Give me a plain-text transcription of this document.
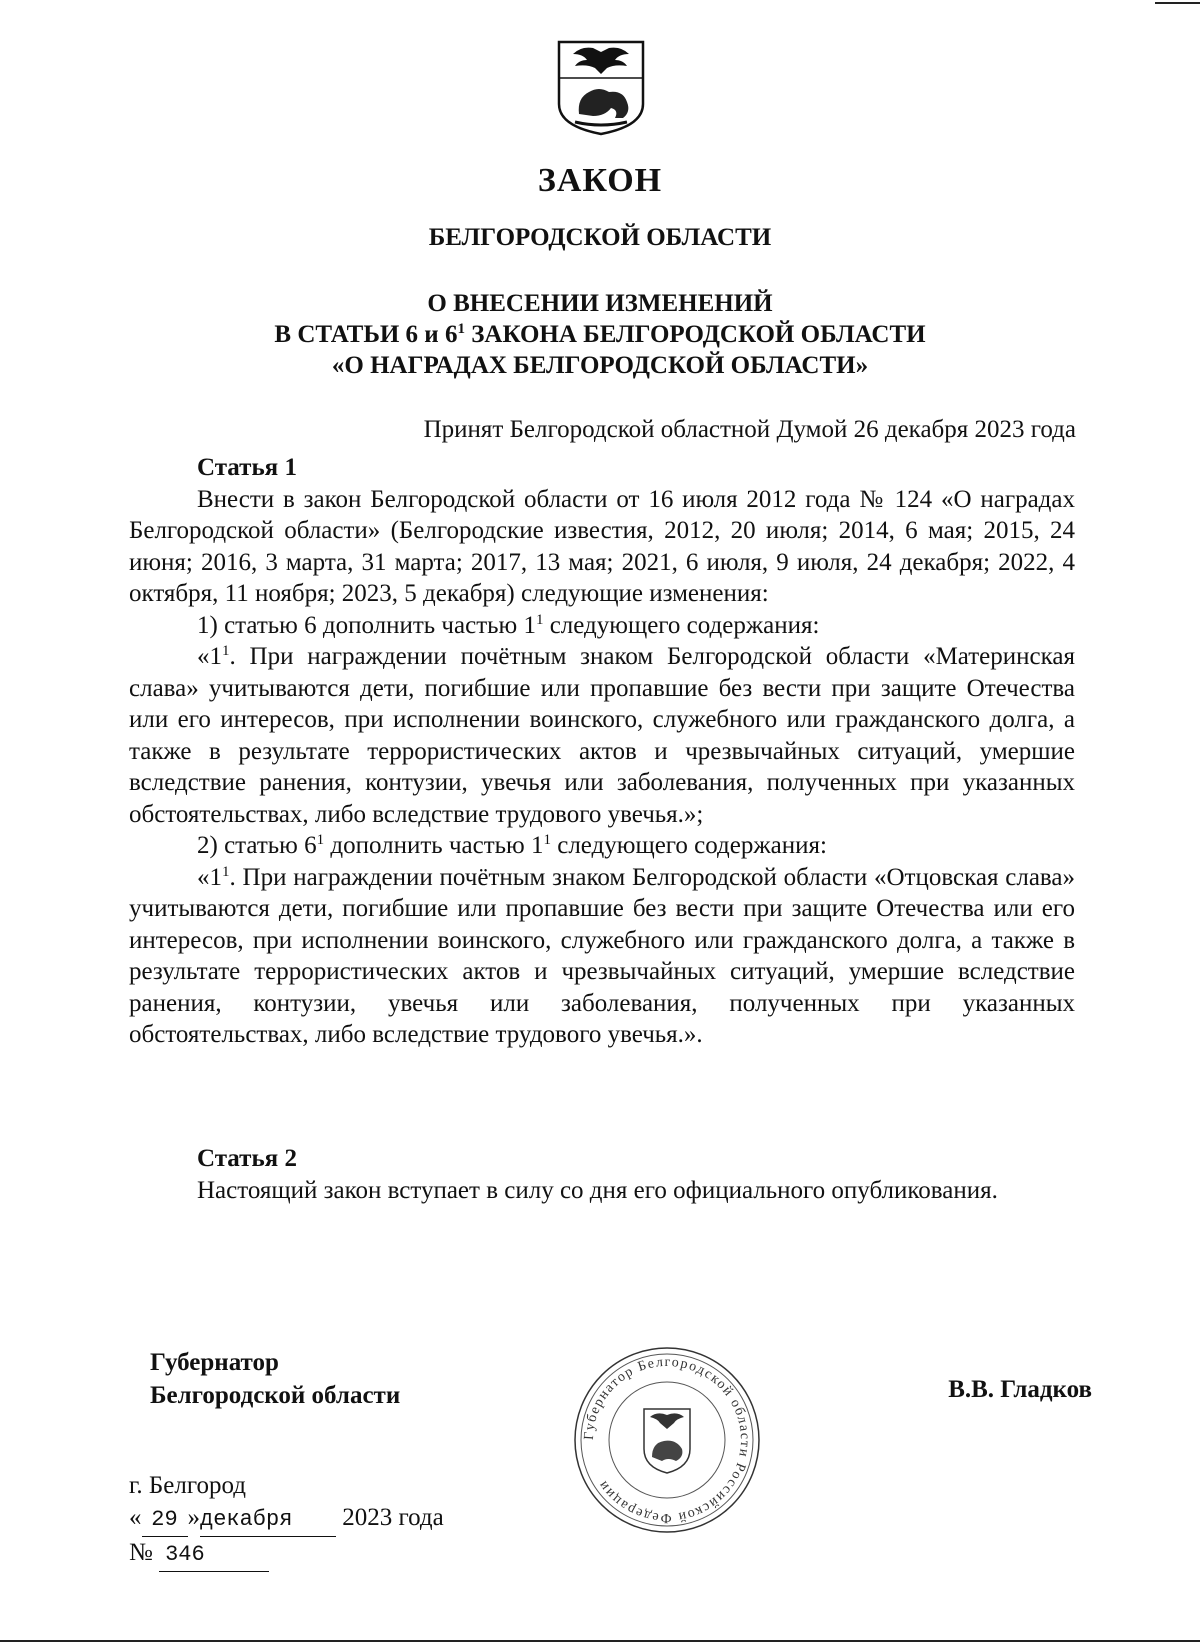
ЗАКОН
БЕЛГОРОДСКОЙ ОБЛАСТИ
О ВНЕСЕНИИ ИЗМЕНЕНИЙ
В СТАТЬИ 6 и $6^1$ ЗАКОНА БЕЛГОРОДСКОЙ ОБЛАСТИ
«О НАГРАДАХ БЕЛГОРОДСКОЙ ОБЛАСТИ»
Принят Белгородской областной Думой 26 декабря 2023 года
Статья 1

Внести в закон Белгородской области от 16 июля 2012 года № 124 «О наградах Белгородской области» (Белгородские известия, 2012, 20 июля; 2014, 6 мая; 2015, 24 июня; 2016, 3 марта, 31 марта; 2017, 13 мая; 2021, 6 июля, 9 июля, 24 декабря; 2022, 4 октября, 11 ноября; 2023, 5 декабря) следующие изменения:

1) статью 6 дополнить частью $1^1$ следующего содержания:

«$1^1$. При награждении почётным знаком Белгородской области «Материнская слава» учитываются дети, погибшие или пропавшие без вести при защите Отечества или его интересов, при исполнении воинского, служебного или гражданского долга, а также в результате террористических актов и чрезвычайных ситуаций, умершие вследствие ранения, контузии, увечья или заболевания, полученных при указанных обстоятельствах, либо вследствие трудового увечья.»;

2) статью $6^1$ дополнить частью $1^1$ следующего содержания:

«$1^1$. При награждении почётным знаком Белгородской области «Отцовская слава» учитываются дети, погибшие или пропавшие без вести при защите Отечества или его интересов, при исполнении воинского, служебного или гражданского долга, а также в результате террористических актов и чрезвычайных ситуаций, умершие вследствие ранения, контузии, увечья или заболевания, полученных при указанных обстоятельствах, либо вследствие трудового увечья.».

Статья 2

Настоящий закон вступает в силу со дня его официального опубликования.

Губернатор
Белгородской области	В.В. Гладков
Губернатор Белгородской области Российской Федерации
г. Белгород
« 29 »декабря 2023 года
№ 346
